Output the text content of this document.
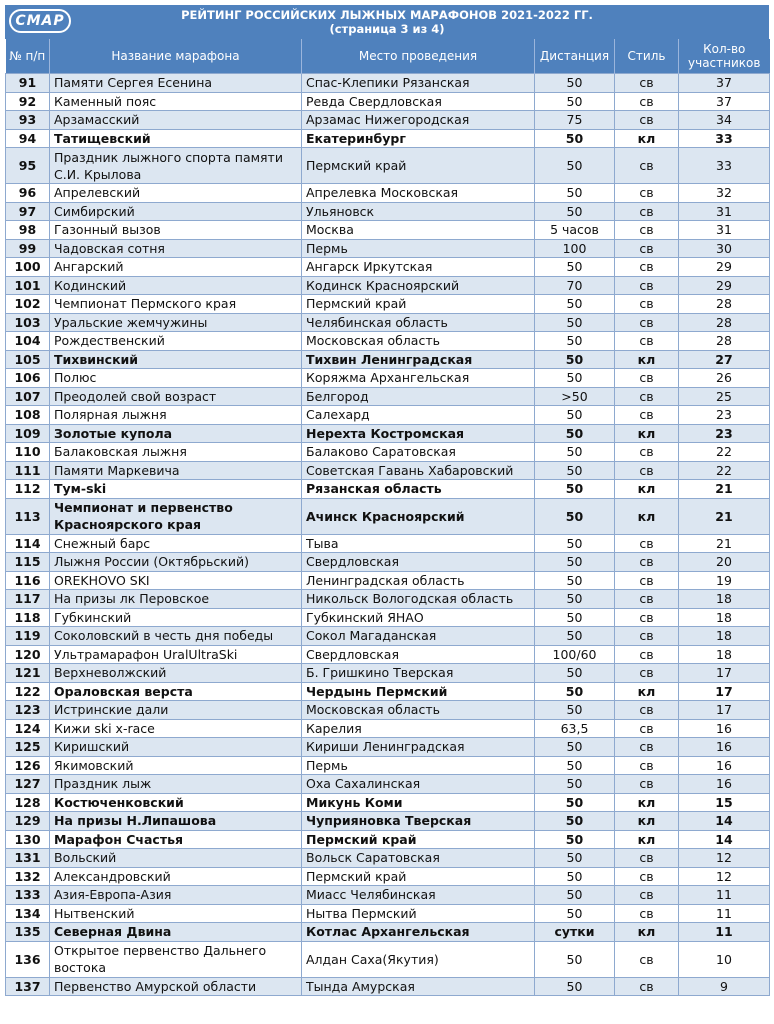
СМАР	РЕЙТИНГ РОССИЙСКИХ ЛЫЖНЫХ МАРАФОНОВ 2021-2022 ГГ.
(страница 3 из 4)
№ п/п	Название марафона	Место проведения	Дистанция	Стиль	Кол-во участников
91	Памяти Сергея Есенина	Спас-Клепики Рязанская	50	св	37
92	Каменный пояс	Ревда Свердловская	50	св	37
93	Арзамасский	Арзамас Нижегородская	75	св	34
94	Татищевский	Екатеринбург	50	кл	33
95	Праздник лыжного спорта памяти С.И. Крылова	Пермский край	50	св	33
96	Апрелевский	Апрелевка Московская	50	св	32
97	Симбирский	Ульяновск	50	св	31
98	Газонный вызов	Москва	5 часов	св	31
99	Чадовская сотня	Пермь	100	св	30
100	Ангарский	Ангарск Иркутская	50	св	29
101	Кодинский	Кодинск Красноярский	70	св	29
102	Чемпионат Пермского края	Пермский край	50	св	28
103	Уральские жемчужины	Челябинская область	50	св	28
104	Рождественский	Московская область	50	св	28
105	Тихвинский	Тихвин Ленинградская	50	кл	27
106	Полюс	Коряжма Архангельская	50	св	26
107	Преодолей свой возраст	Белгород	>50	св	25
108	Полярная лыжня	Салехард	50	св	23
109	Золотые купола	Нерехта Костромская	50	кл	23
110	Балаковская лыжня	Балаково Саратовская	50	св	22
111	Памяти Маркевича	Советская Гавань Хабаровский	50	св	22
112	Тум-ski	Рязанская область	50	кл	21
113	Чемпионат и первенство Красноярского края	Ачинск Красноярский	50	кл	21
114	Снежный барс	Тыва	50	св	21
115	Лыжня России (Октябрьский)	Свердловская	50	св	20
116	OREKHOVO SKI	Ленинградская область	50	св	19
117	На призы лк Перовское	Никольск Вологодская область	50	св	18
118	Губкинский	Губкинский ЯНАО	50	св	18
119	Соколовский в честь дня победы	Сокол Магаданская	50	св	18
120	Ультрамарафон UralUltraSki	Свердловская	100/60	св	18
121	Верхневолжский	Б. Гришкино Тверская	50	св	17
122	Ораловская верста	Чердынь Пермский	50	кл	17
123	Истринские дали	Московская область	50	св	17
124	Кижи ski x-race	Карелия	63,5	св	16
125	Киришский	Кириши Ленинградская	50	св	16
126	Якимовский	Пермь	50	св	16
127	Праздник лыж	Оха Сахалинская	50	св	16
128	Костюченковский	Микунь Коми	50	кл	15
129	На призы Н.Липашова	Чуприяновка Тверская	50	кл	14
130	Марафон Счастья	Пермский край	50	кл	14
131	Вольский	Вольск Саратовская	50	св	12
132	Александровский	Пермский край	50	св	12
133	Азия-Европа-Азия	Миасс Челябинская	50	св	11
134	Нытвенский	Нытва Пермский	50	св	11
135	Северная Двина	Котлас Архангельская	сутки	кл	11
136	Открытое первенство Дальнего востока	Алдан Саха(Якутия)	50	св	10
137	Первенство Амурской области	Тында Амурская	50	св	9
